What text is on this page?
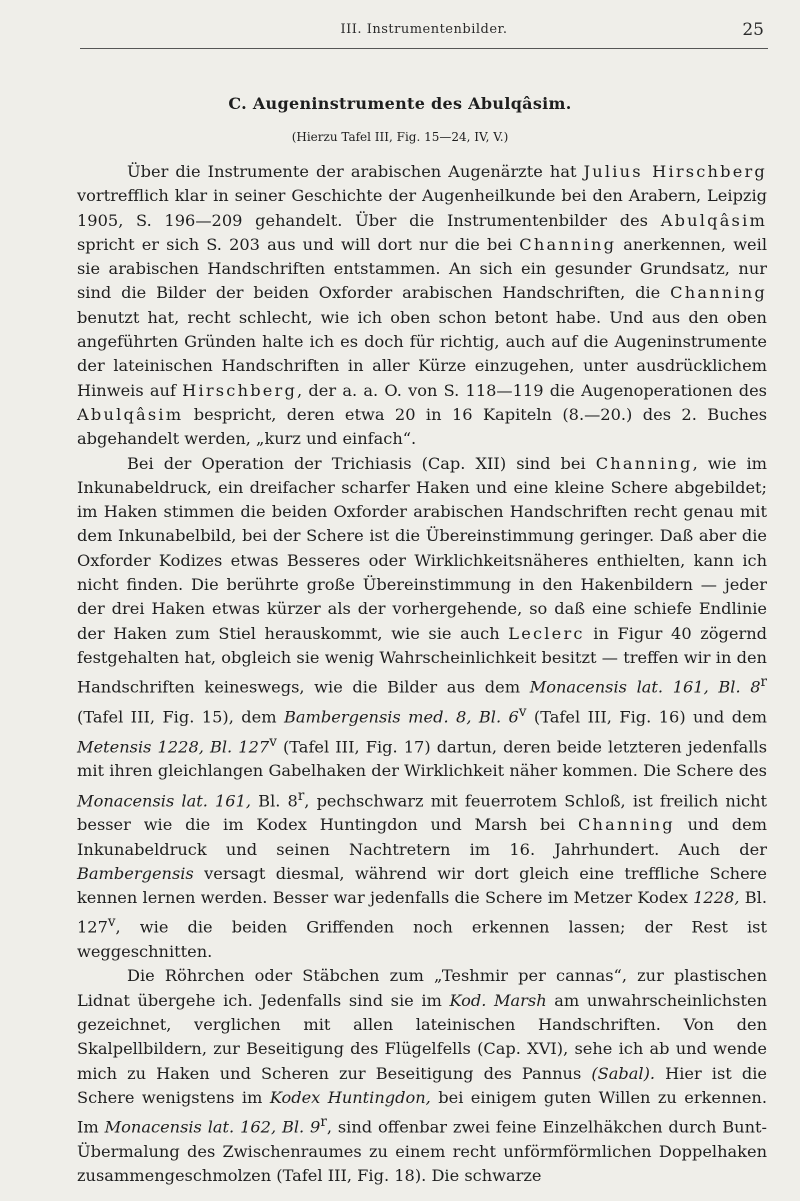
III. Instrumentenbilder.	25
C. Augeninstrumente des Abulqâsim.
(Hierzu Tafel III, Fig. 15—24, IV, V.)

Über die Instrumente der arabischen Augenärzte hat Julius Hirschberg vortrefflich klar in seiner Geschichte der Augenheilkunde bei den Arabern, Leipzig 1905, S. 196—209 gehandelt. Über die Instrumentenbilder des Abulqâsim spricht er sich S. 203 aus und will dort nur die bei Channing anerkennen, weil sie arabischen Handschriften entstammen. An sich ein gesunder Grundsatz, nur sind die Bilder der beiden Oxforder arabischen Handschriften, die Channing benutzt hat, recht schlecht, wie ich oben schon betont habe. Und aus den oben angeführten Gründen halte ich es doch für richtig, auch auf die Augeninstrumente der lateinischen Handschriften in aller Kürze einzugehen, unter ausdrücklichem Hinweis auf Hirschberg, der a. a. O. von S. 118—119 die Augenoperationen des Abulqâsim bespricht, deren etwa 20 in 16 Kapiteln (8.—20.) des 2. Buches abgehandelt werden, „kurz und einfach“.

Bei der Operation der Trichiasis (Cap. XII) sind bei Channing, wie im Inkunabeldruck, ein dreifacher scharfer Haken und eine kleine Schere abgebildet; im Haken stimmen die beiden Oxforder arabischen Handschriften recht genau mit dem Inkunabelbild, bei der Schere ist die Übereinstimmung geringer. Daß aber die Oxforder Kodizes etwas Besseres oder Wirklichkeitsnäheres enthielten, kann ich nicht finden. Die berührte große Übereinstimmung in den Hakenbildern — jeder der drei Haken etwas kürzer als der vorhergehende, so daß eine schiefe Endlinie der Haken zum Stiel herauskommt, wie sie auch Leclerc in Figur 40 zögernd festgehalten hat, obgleich sie wenig Wahrscheinlichkeit besitzt — treffen wir in den Handschriften keineswegs, wie die Bilder aus dem Monacensis lat. 161, Bl. 8$^r$ (Tafel III, Fig. 15), dem Bambergensis med. 8, Bl. 6$^v$ (Tafel III, Fig. 16) und dem Metensis 1228, Bl. 127$^v$ (Tafel III, Fig. 17) dartun, deren beide letzteren jedenfalls mit ihren gleichlangen Gabelhaken der Wirklichkeit näher kommen. Die Schere des Monacensis lat. 161, Bl. 8$^r$, pechschwarz mit feuerrotem Schloß, ist freilich nicht besser wie die im Kodex Huntingdon und Marsh bei Channing und dem Inkunabeldruck und seinen Nachtretern im 16. Jahrhundert. Auch der Bambergensis versagt diesmal, während wir dort gleich eine treffliche Schere kennen lernen werden. Besser war jedenfalls die Schere im Metzer Kodex 1228, Bl. 127$^v$, wie die beiden Griffenden noch erkennen lassen; der Rest ist weggeschnitten.

Die Röhrchen oder Stäbchen zum „Teshmir per cannas“, zur plastischen Lidnat übergehe ich. Jedenfalls sind sie im Kod. Marsh am unwahrscheinlichsten gezeichnet, verglichen mit allen lateinischen Handschriften. Von den Skalpellbildern, zur Beseitigung des Flügelfells (Cap. XVI), sehe ich ab und wende mich zu Haken und Scheren zur Beseitigung des Pannus (Sabal). Hier ist die Schere wenigstens im Kodex Huntingdon, bei einigem guten Willen zu erkennen. Im Monacensis lat. 162, Bl. 9$^r$, sind offenbar zwei feine Einzelhäkchen durch Bunt-Übermalung des Zwischenraumes zu einem recht unförmförmlichen Doppelhaken zusammengeschmolzen (Tafel III, Fig. 18). Die schwarze
